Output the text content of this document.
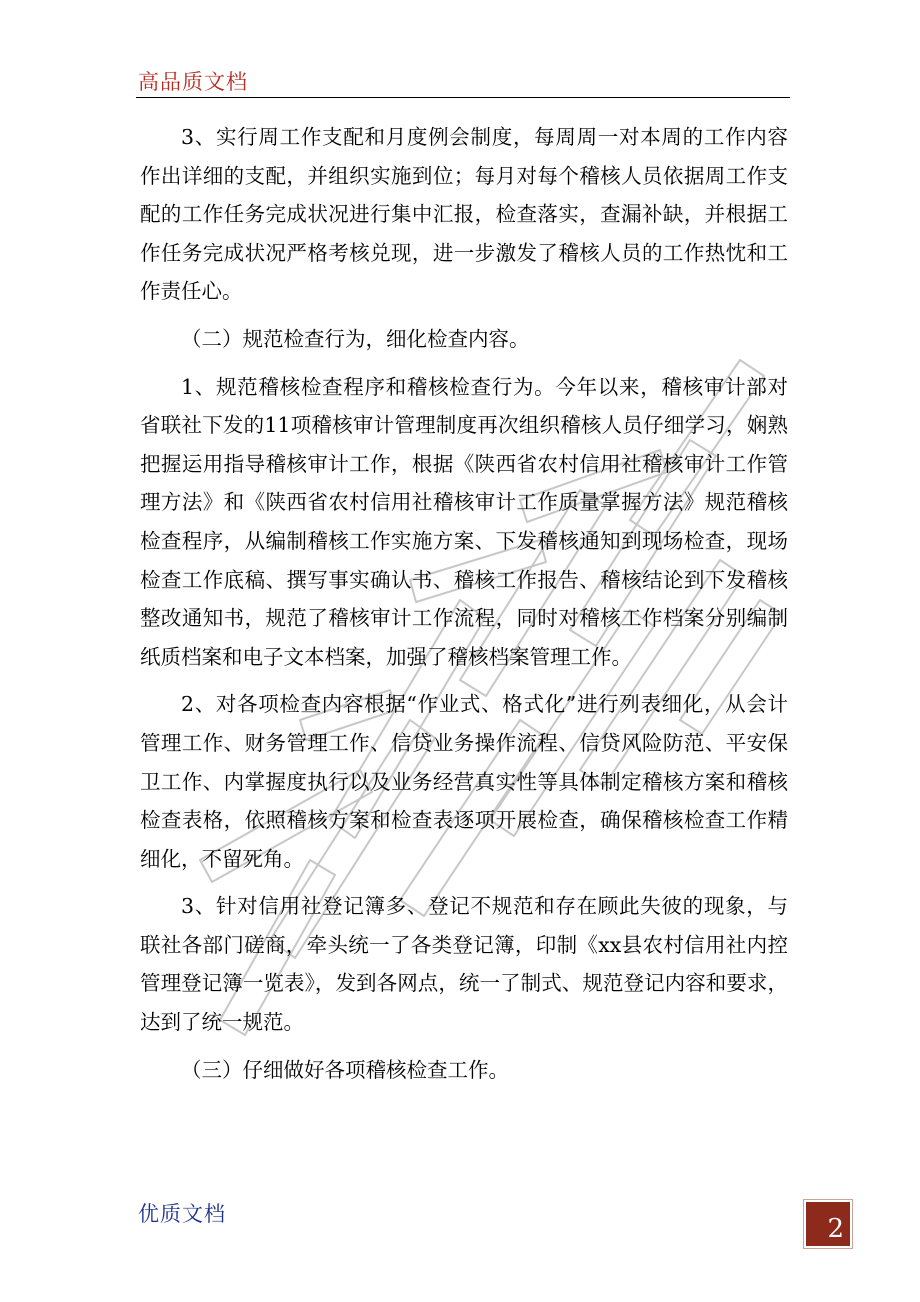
高品质文档

3、实行周工作支配和月度例会制度，每周周一对本周的工作内容作出详细的支配，并组织实施到位；每月对每个稽核人员依据周工作支配的工作任务完成状况进行集中汇报，检查落实，查漏补缺，并根据工作任务完成状况严格考核兑现，进一步激发了稽核人员的工作热忱和工作责任心。

（二）规范检查行为，细化检查内容。

1、规范稽核检查程序和稽核检查行为。今年以来，稽核审计部对省联社下发的11项稽核审计管理制度再次组织稽核人员仔细学习，娴熟把握运用指导稽核审计工作，根据《陕西省农村信用社稽核审计工作管理方法》和《陕西省农村信用社稽核审计工作质量掌握方法》规范稽核检查程序，从编制稽核工作实施方案、下发稽核通知到现场检查，现场检查工作底稿、撰写事实确认书、稽核工作报告、稽核结论到下发稽核整改通知书，规范了稽核审计工作流程，同时对稽核工作档案分别编制纸质档案和电子文本档案，加强了稽核档案管理工作。

2、对各项检查内容根据“作业式、格式化”进行列表细化，从会计管理工作、财务管理工作、信贷业务操作流程、信贷风险防范、平安保卫工作、内掌握度执行以及业务经营真实性等具体制定稽核方案和稽核检查表格，依照稽核方案和检查表逐项开展检查，确保稽核检查工作精细化，不留死角。

3、针对信用社登记簿多、登记不规范和存在顾此失彼的现象，与联社各部门磋商，牵头统一了各类登记簿，印制《xx县农村信用社内控管理登记簿一览表》，发到各网点，统一了制式、规范登记内容和要求，达到了统一规范。

（三）仔细做好各项稽核检查工作。

优质文档	2
